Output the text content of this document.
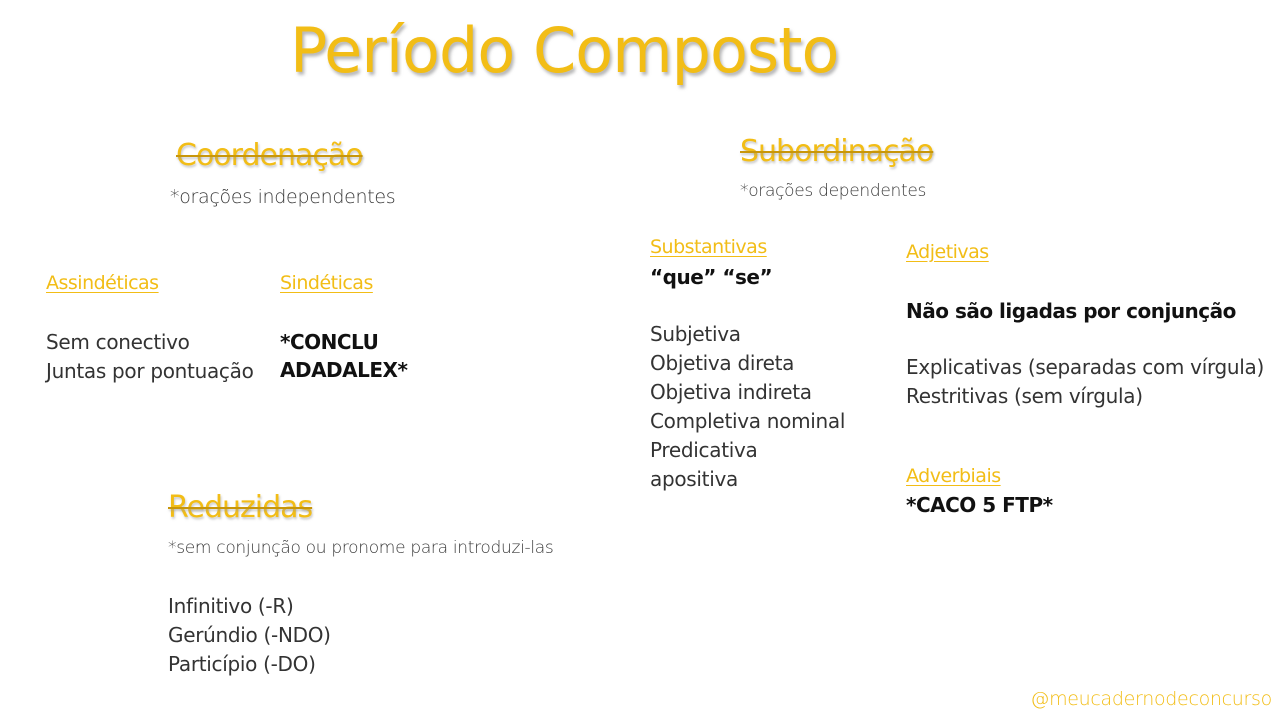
Período Composto
Coordenação
*orações independentes
Assindéticas
Sem conectivo
Juntas por pontuação
Sindéticas
*CONCLU
ADADALEX*
Reduzidas
*sem conjunção ou pronome para introduzi-las
Infinitivo (-R)
Gerúndio (-NDO)
Particípio (-DO)
Subordinação
*orações dependentes
Substantivas
“que” “se”
Subjetiva
Objetiva direta
Objetiva indireta
Completiva nominal
Predicativa
apositiva
Adjetivas
Não são ligadas por conjunção
Explicativas (separadas com vírgula)
Restritivas (sem vírgula)
Adverbiais
*CACO 5 FTP*
@meucadernodeconcurso
